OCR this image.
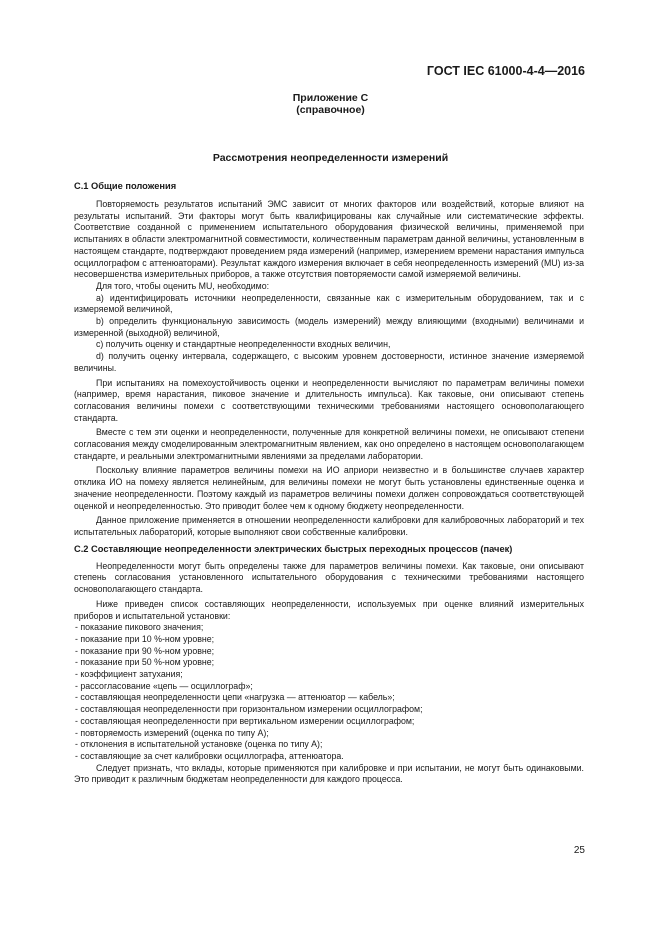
ГОСТ IEC 61000-4-4—2016

Приложение С
(справочное)
Рассмотрения неопределенности измерений
С.1 Общие положения

Повторяемость результатов испытаний ЭМС зависит от многих факторов или воздействий, которые влияют на результаты испытаний. Эти факторы могут быть квалифицированы как случайные или систематические эффекты. Соответствие созданной с применением испытательного оборудования физической величины, применяемой при испытаниях в области электромагнитной совместимости, количественным параметрам данной величины, установленным в настоящем стандарте, подтверждают проведением ряда измерений (например, измерением времени нарастания импульса осциллографом с аттенюаторами). Результат каждого измерения включает в себя неопределенность измерений (MU) из-за несовершенства измерительных приборов, а также отсутствия повторяемости самой измеряемой величины.

Для того, чтобы оценить MU, необходимо:

a) идентифицировать источники неопределенности, связанные как с измерительным оборудованием, так и с измеряемой величиной,

b) определить функциональную зависимость (модель измерений) между влияющими (входными) величинами и измеренной (выходной) величиной,

c) получить оценку и стандартные неопределенности входных величин,

d) получить оценку интервала, содержащего, с высоким уровнем достоверности, истинное значение измеряемой величины.

При испытаниях на помехоустойчивость оценки и неопределенности вычисляют по параметрам величины помехи (например, время нарастания, пиковое значение и длительность импульса). Как таковые, они описывают степень согласования величины помехи с соответствующими техническими требованиями настоящего основополагающего стандарта.

Вместе с тем эти оценки и неопределенности, полученные для конкретной величины помехи, не описывают степени согласования между смоделированным электромагнитным явлением, как оно определено в настоящем основополагающем стандарте, и реальными электромагнитными явлениями за пределами лаборатории.

Поскольку влияние параметров величины помехи на ИО априори неизвестно и в большинстве случаев характер отклика ИО на помеху является нелинейным, для величины помехи не могут быть установлены единственные оценка и значение неопределенности. Поэтому каждый из параметров величины помехи должен сопровождаться соответствующей оценкой и неопределенностью. Это приводит более чем к одному бюджету неопределенности.

Данное приложение применяется в отношении неопределенности калибровки для калибровочных лабораторий и тех испытательных лабораторий, которые выполняют свои собственные калибровки.

С.2 Составляющие неопределенности электрических быстрых переходных процессов (пачек)

Неопределенности могут быть определены также для параметров величины помехи. Как таковые, они описывают степень согласования установленного испытательного оборудования с техническими требованиями настоящего основополагающего стандарта.

Ниже приведен список составляющих неопределенности, используемых при оценке влияний измерительных приборов и испытательной установки:

- показание пикового значения;
- показание при 10 %-ном уровне;
- показание при 90 %-ном уровне;
- показание при 50 %-ном уровне;
- коэффициент затухания;
- рассогласование «цепь — осциллограф»;
- составляющая неопределенности цепи «нагрузка — аттенюатор — кабель»;
- составляющая неопределенности при горизонтальном измерении осциллографом;
- составляющая неопределенности при вертикальном измерении осциллографом;
- повторяемость измерений (оценка по типу А);
- отклонения в испытательной установке (оценка по типу А);
- составляющие за счет калибровки осциллографа, аттенюатора.

Следует признать, что вклады, которые применяются при калибровке и при испытании, не могут быть одинаковыми. Это приводит к различным бюджетам неопределенности для каждого процесса.

25
